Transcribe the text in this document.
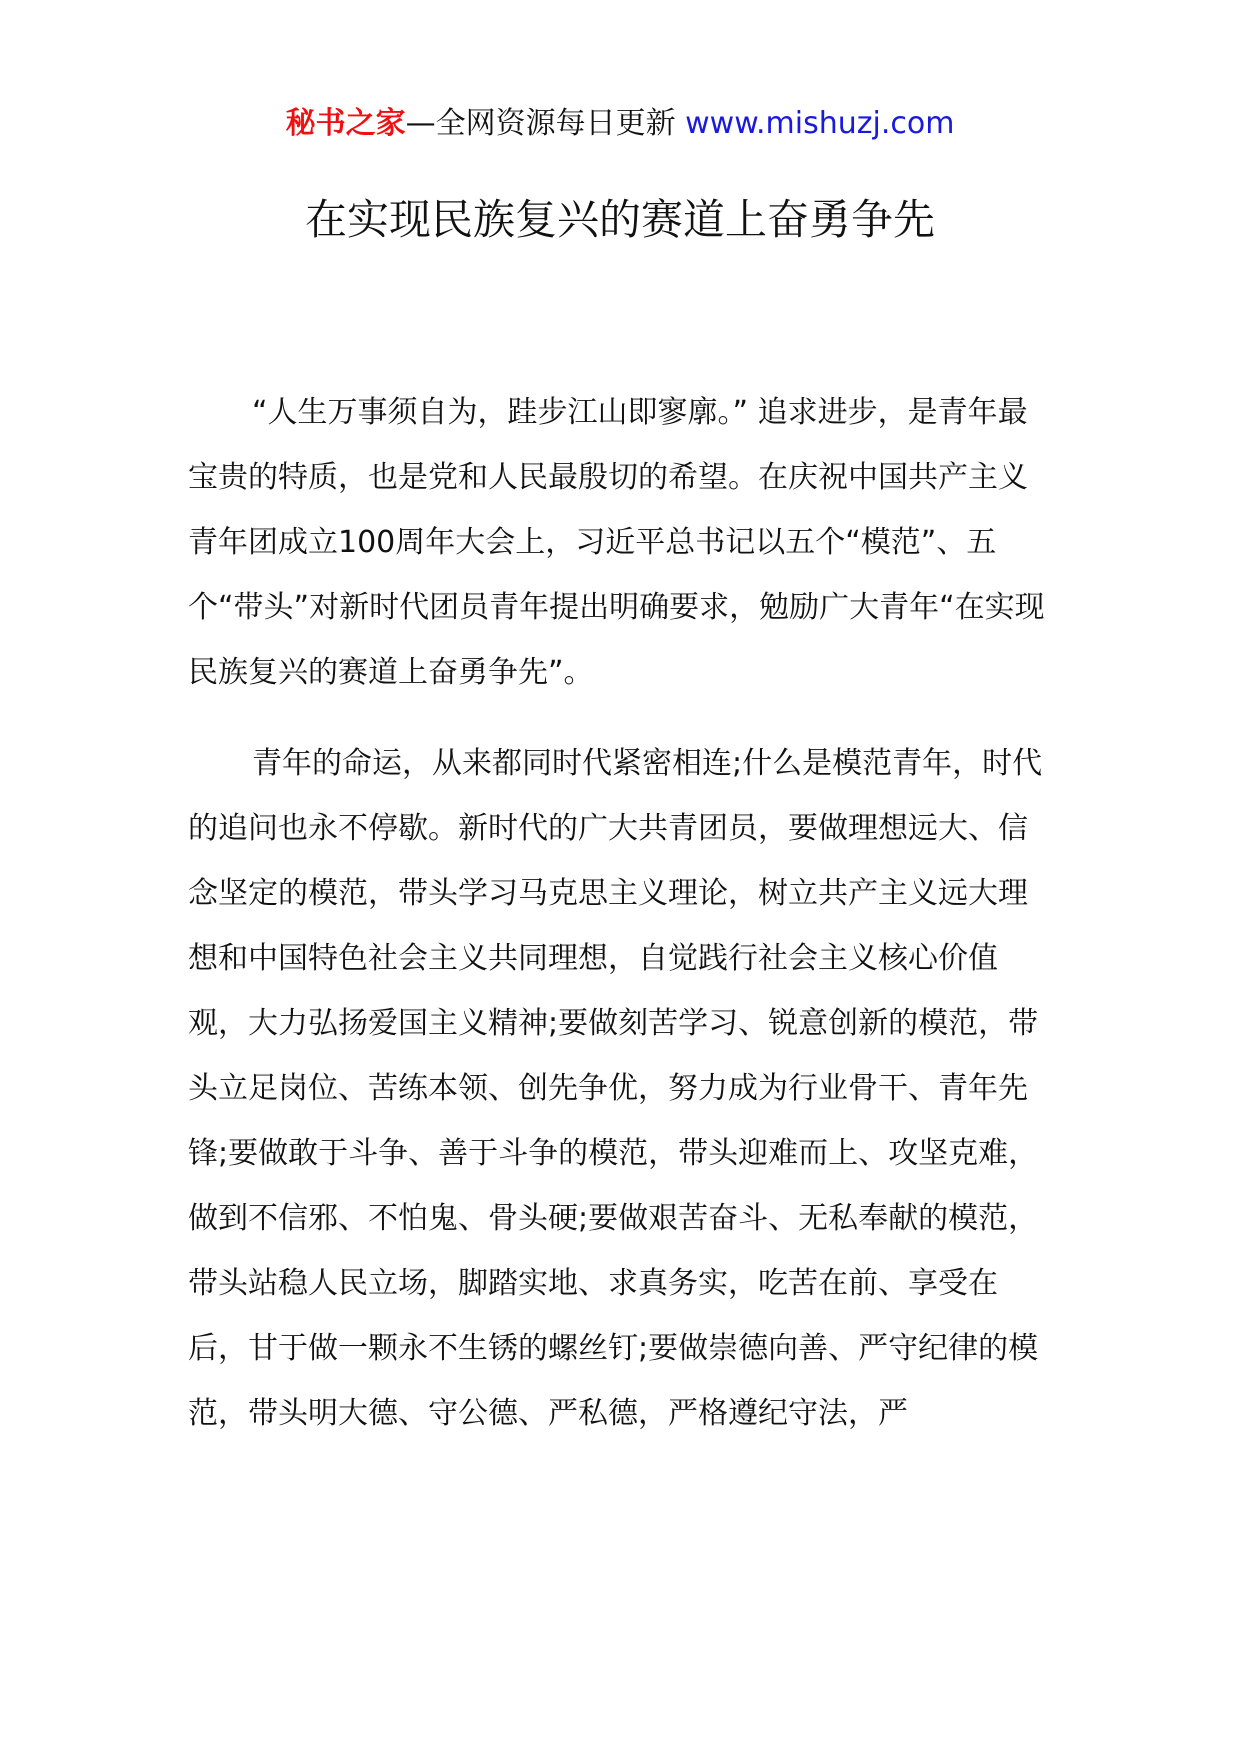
秘书之家—全网资源每日更新 www.mishuzj.com
在实现民族复兴的赛道上奋勇争先

“人生万事须自为，跬步江山即寥廓。” 追求进步，是青年最宝贵的特质，也是党和人民最殷切的希望。在庆祝中国共产主义青年团成立100周年大会上，习近平总书记以五个“模范”、五个“带头”对新时代团员青年提出明确要求，勉励广大青年“在实现民族复兴的赛道上奋勇争先”。

青年的命运，从来都同时代紧密相连;什么是模范青年，时代的追问也永不停歇。新时代的广大共青团员，要做理想远大、信念坚定的模范，带头学习马克思主义理论，树立共产主义远大理想和中国特色社会主义共同理想，自觉践行社会主义核心价值观，大力弘扬爱国主义精神;要做刻苦学习、锐意创新的模范，带头立足岗位、苦练本领、创先争优，努力成为行业骨干、青年先锋;要做敢于斗争、善于斗争的模范，带头迎难而上、攻坚克难，做到不信邪、不怕鬼、骨头硬;要做艰苦奋斗、无私奉献的模范，带头站稳人民立场，脚踏实地、求真务实，吃苦在前、享受在后，甘于做一颗永不生锈的螺丝钉;要做崇德向善、严守纪律的模范，带头明大德、守公德、严私德，严格遵纪守法，严
